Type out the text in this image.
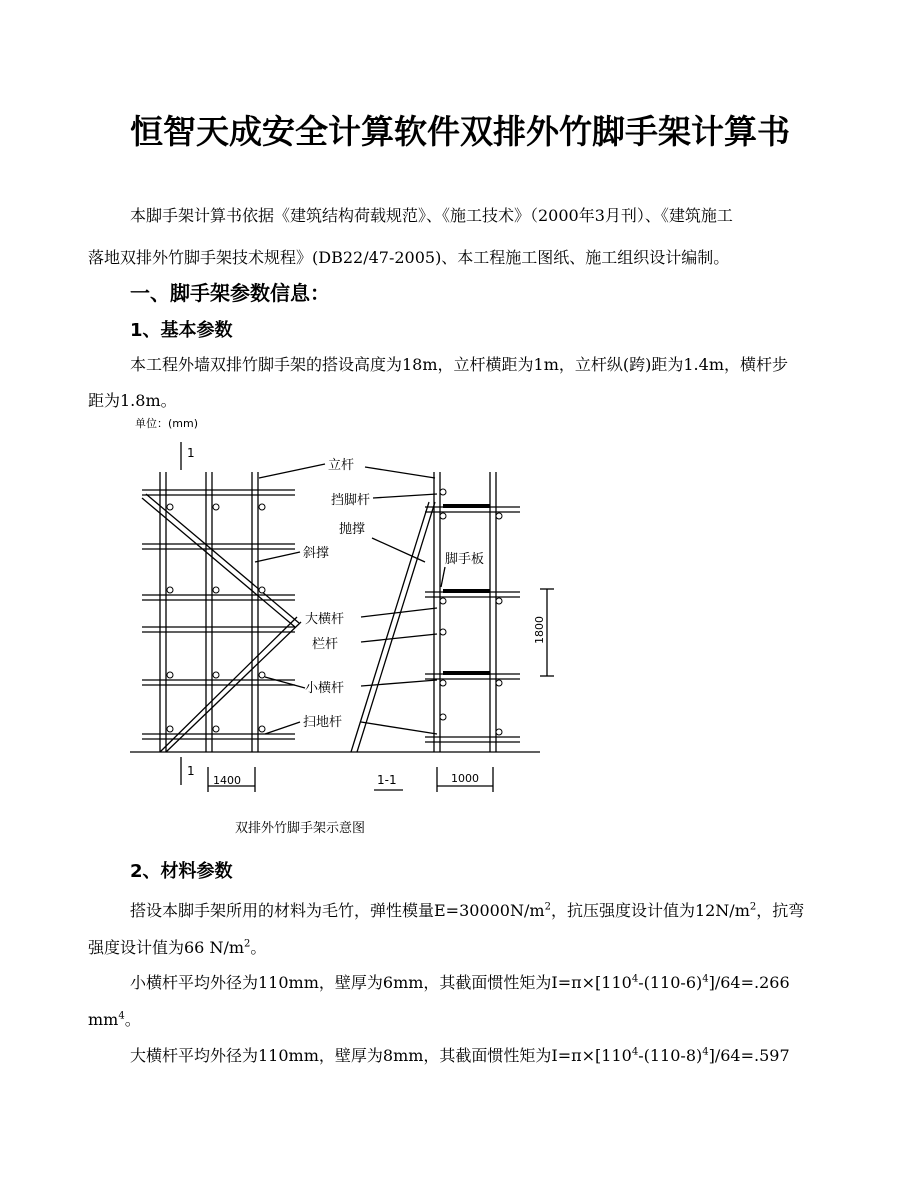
恒智天成安全计算软件双排外竹脚手架计算书

本脚手架计算书依据《建筑结构荷载规范》、《施工技术》（2000年3月刊）、《建筑施工

落地双排外竹脚手架技术规程》(DB22/47-2005)、本工程施工图纸、施工组织设计编制。

一、脚手架参数信息：

1、基本参数

本工程外墙双排竹脚手架的搭设高度为18m，立杆横距为1m，立杆纵(跨)距为1.4m，横杆步

距为1.8m。

单位：(mm)
1
1
立杆
挡脚杆
抛撑
斜撑	脚手板
大横杆
栏杆
小横杆
扫地杆
1400	1000
1-1
1800
双排外竹脚手架示意图

2、材料参数

搭设本脚手架所用的材料为毛竹，弹性模量$E=30000N/m^2$，抗压强度设计值为$12N/m^2$，抗弯

强度设计值为66 $N/m^2$。

小横杆平均外径为110mm，壁厚为6mm，其截面惯性矩为$I=\pi\times[110^4-(110-6)^4]/64=.266$

$mm^4$。

大横杆平均外径为110mm，壁厚为8mm，其截面惯性矩为$I=\pi\times[110^4-(110-8)^4]/64=.597$
